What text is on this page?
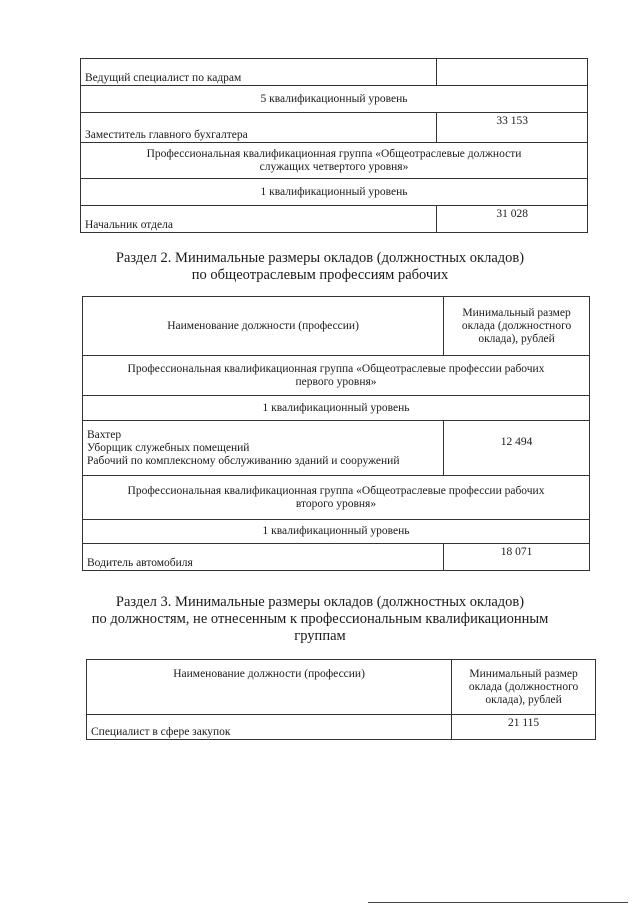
Ведущий специалист по кадрам	
5 квалификационный уровень	
Заместитель главного бухгалтера	33 153
Профессиональная квалификационная группа «Общеотраслевые должности
служащих четвертого уровня»	
1 квалификационный уровень	
Начальник отдела	31 028
Раздел 2. Минимальные размеры окладов (должностных окладов)
по общеотраслевым профессиям рабочих
Наименование должности (профессии)	Минимальный размер
оклада (должностного
оклада), рублей
Профессиональная квалификационная группа «Общеотраслевые профессии рабочих
первого уровня»	
1 квалификационный уровень	
Вахтер
Уборщик служебных помещений
Рабочий по комплексному обслуживанию зданий и сооружений	12 494
Профессиональная квалификационная группа «Общеотраслевые профессии рабочих
второго уровня»	
1 квалификационный уровень	
Водитель автомобиля	18 071
Раздел 3. Минимальные размеры окладов (должностных окладов)
по должностям, не отнесенным к профессиональным квалификационным
группам
Наименование должности (профессии)	Минимальный размер
оклада (должностного
оклада), рублей
Специалист в сфере закупок	21 115
